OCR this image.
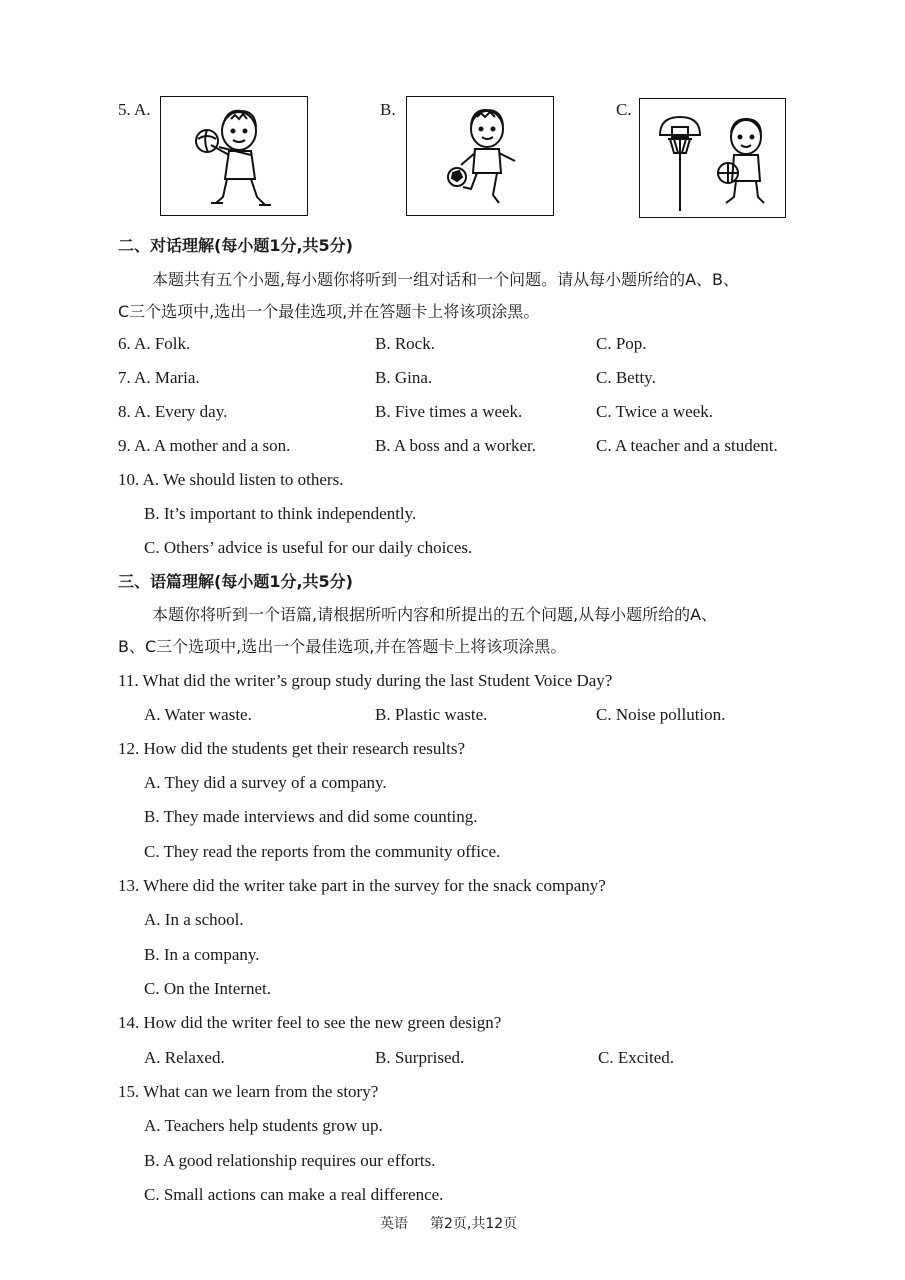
5. A.	B.	C.
二、对话理解(每小题1分,共5分)
本题共有五个小题,每小题你将听到一组对话和一个问题。请从每小题所给的A、B、
C三个选项中,选出一个最佳选项,并在答题卡上将该项涂黑。
6. A. Folk.	B. Rock.	C. Pop.
7. A. Maria.	B. Gina.	C. Betty.
8. A. Every day.	B. Five times a week.	C. Twice a week.
9. A. A mother and a son.	B. A boss and a worker.	C. A teacher and a student.
10. A. We should listen to others.
B. It’s important to think independently.
C. Others’ advice is useful for our daily choices.
三、语篇理解(每小题1分,共5分)
本题你将听到一个语篇,请根据所听内容和所提出的五个问题,从每小题所给的A、
B、C三个选项中,选出一个最佳选项,并在答题卡上将该项涂黑。
11. What did the writer’s group study during the last Student Voice Day?
A. Water waste.	B. Plastic waste.	C. Noise pollution.
12. How did the students get their research results?
A. They did a survey of a company.
B. They made interviews and did some counting.
C. They read the reports from the community office.
13. Where did the writer take part in the survey for the snack company?
A. In a school.
B. In a company.
C. On the Internet.
14. How did the writer feel to see the new green design?
A. Relaxed.	B. Surprised.	C. Excited.
15. What can we learn from the story?
A. Teachers help students grow up.
B. A good relationship requires our efforts.
C. Small actions can make a real difference.
英语 第2页,共12页
